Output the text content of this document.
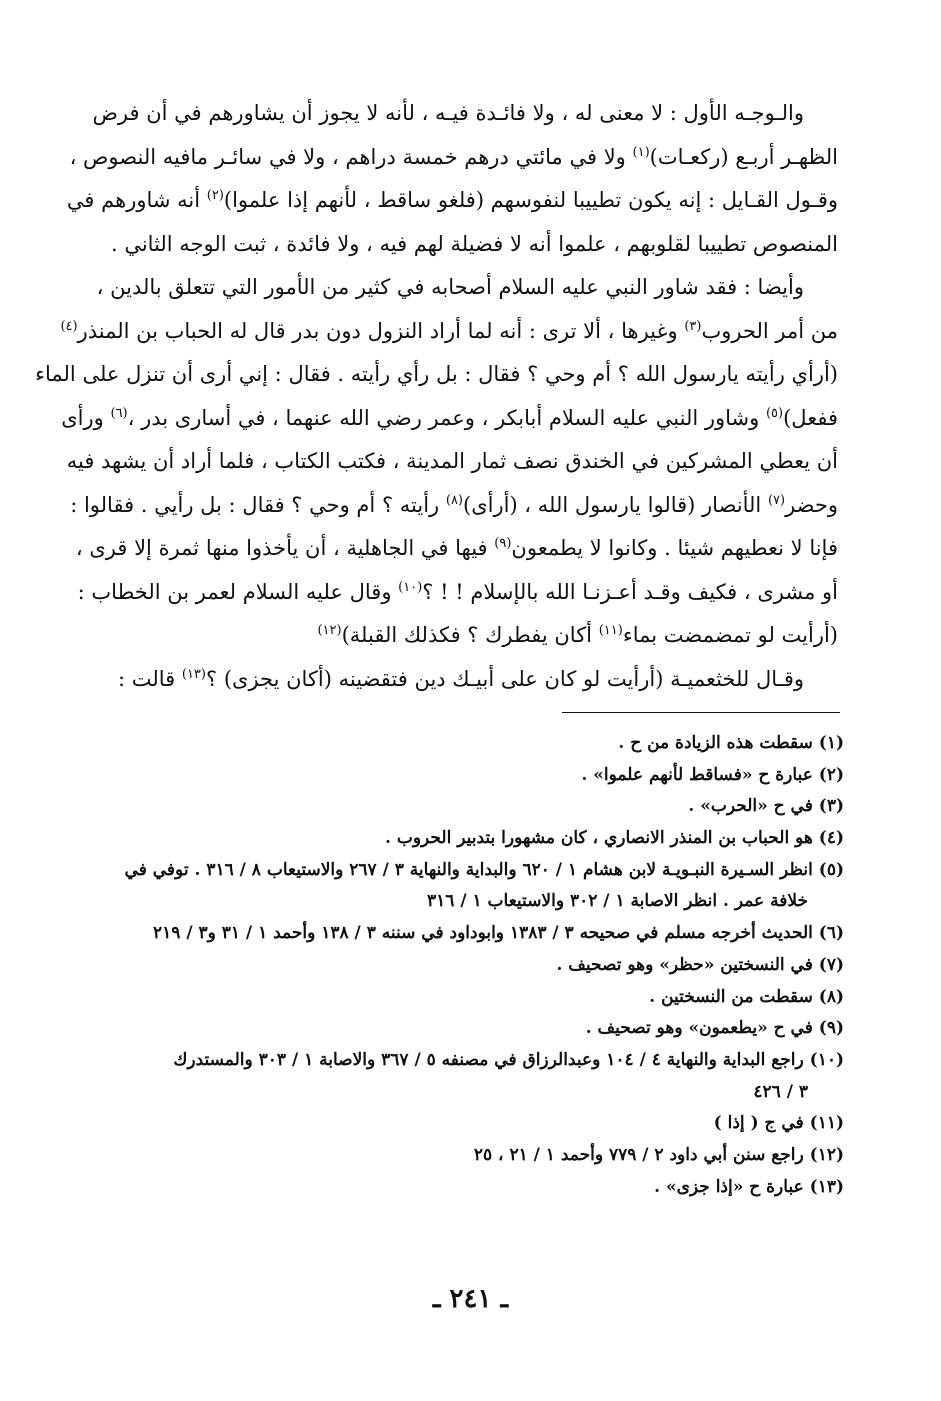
والـوجـه الأول : لا معنى له ، ولا فائـدة فيـه ، لأنه لا يجوز أن يشاورهم في أن فرض
الظهـر أربـع (ركعـات)$^{(١)}$ ولا في مائتي درهم خمسة دراهم ، ولا في سائـر مافيه النصوص ،
وقـول القـايل : إنه يكون تطييبا لنفوسهم (فلغو ساقط ، لأنهم إذا علموا)$^{(٢)}$ أنه شاورهم في
المنصوص تطييبا لقلوبهم ، علموا أنه لا فضيلة لهم فيه ، ولا فائدة ، ثبت الوجه الثاني .
وأيضا : فقد شاور النبي عليه السلام أصحابه في كثير من الأمور التي تتعلق بالدين ،
من أمر الحروب$^{(٣)}$ وغيرها ، ألا ترى : أنه لما أراد النزول دون بدر قال له الحباب بن المنذر$^{(٤)}$
(أرأي رأيته يارسول الله ؟ أم وحي ؟ فقال : بل رأي رأيته . فقال : إني أرى أن تنزل على الماء
ففعل)$^{(٥)}$ وشاور النبي عليه السلام أبابكر ، وعمر رضي الله عنهما ، في أسارى بدر ،$^{(٦)}$ ورأى
أن يعطي المشركين في الخندق نصف ثمار المدينة ، فكتب الكتاب ، فلما أراد أن يشهد فيه
وحضر$^{(٧)}$ الأنصار (قالوا يارسول الله ، (أرأى)$^{(٨)}$ رأيته ؟ أم وحي ؟ فقال : بل رأيي . فقالوا :
فإنا لا نعطيهم شيئا . وكانوا لا يطمعون$^{(٩)}$ فيها في الجاهلية ، أن يأخذوا منها ثمرة إلا قرى ،
أو مشرى ، فكيف وقـد أعـزنـا الله بالإسلام ! ! ؟$^{(١٠)}$ وقال عليه السلام لعمر بن الخطاب :
(أرأيت لو تمضمضت بماء$^{(١١)}$ أكان يفطرك ؟ فكذلك القبلة)$^{(١٢)}$
وقـال للخثعميـة (أرأيت لو كان على أبيـك دين فتقضينه (أكان يجزى) ؟$^{(١٣)}$ قالت :
(١) سقطت هذه الزيادة من ح .
(٢) عبارة ح «فساقط لأنهم علموا» .
(٣) في ح «الحرب» .
(٤) هو الحباب بن المنذر الانصاري ، كان مشهورا بتدبير الحروب .
(٥) انظر السـيرة النبـويـة لابن هشام ١ / ٦٢٠ والبداية والنهاية ٣ / ٢٦٧ والاستيعاب ٨ / ٣١٦ . توفي في
خلافة عمر . انظر الاصابة ١ / ٣٠٢ والاستيعاب ١ / ٣١٦
(٦) الحديث أخرجه مسلم في صحيحه ٣ / ١٣٨٣ وابوداود في سننه ٣ / ١٣٨ وأحمد ١ / ٣١ و٣ / ٢١٩
(٧) في النسختين «حظر» وهو تصحيف .
(٨) سقطت من النسختين .
(٩) في ح «يطعمون» وهو تصحيف .
(١٠) راجع البداية والنهاية ٤ / ١٠٤ وعبدالرزاق في مصنفه ٥ / ٣٦٧ والاصابة ١ / ٣٠٣ والمستدرك
٣ / ٤٢٦
(١١) في ج ( إذا )
(١٢) راجع سنن أبي داود ٢ / ٧٧٩ وأحمد ١ / ٢١ ، ٢٥
(١٣) عبارة ح «إذا جزى» .
ـ ٢٤١ ـ
